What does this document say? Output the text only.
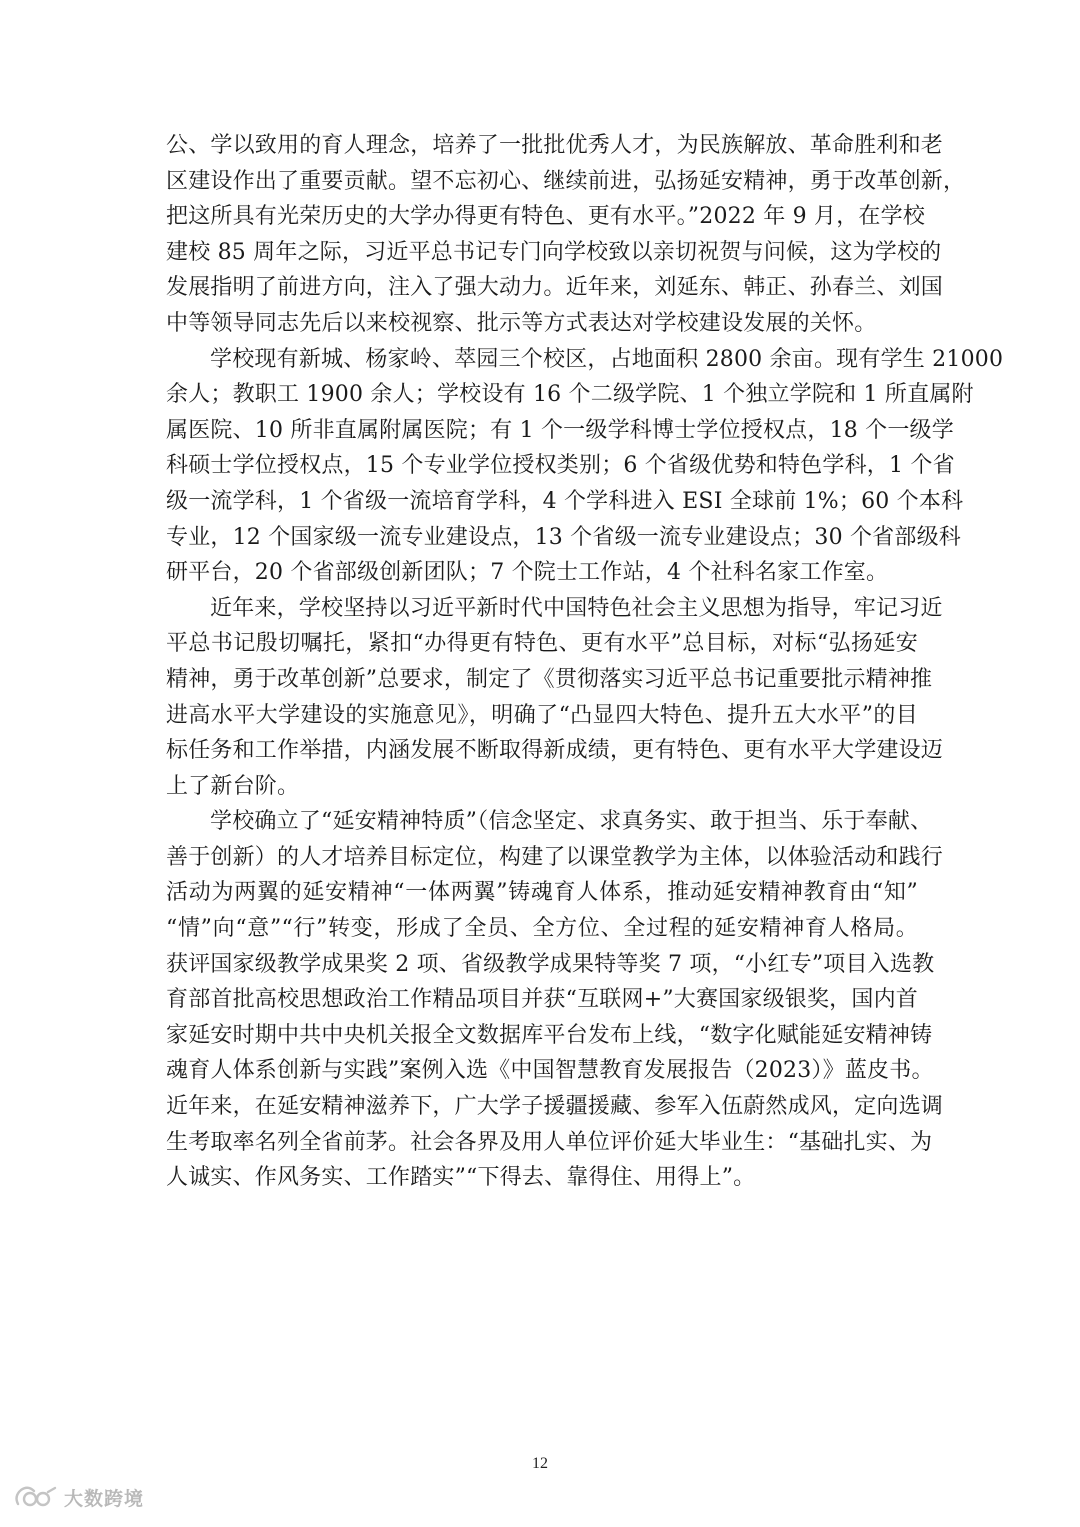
公、学以致用的育人理念，培养了一批批优秀人才，为民族解放、革命胜利和老
区建设作出了重要贡献。望不忘初心、继续前进，弘扬延安精神，勇于改革创新，
把这所具有光荣历史的大学办得更有特色、更有水平。”2022 年 9 月，在学校
建校 85 周年之际，习近平总书记专门向学校致以亲切祝贺与问候，这为学校的
发展指明了前进方向，注入了强大动力。近年来，刘延东、韩正、孙春兰、刘国
中等领导同志先后以来校视察、批示等方式表达对学校建设发展的关怀。

学校现有新城、杨家岭、萃园三个校区，占地面积 2800 余亩。现有学生 21000
余人；教职工 1900 余人；学校设有 16 个二级学院、1 个独立学院和 1 所直属附
属医院、10 所非直属附属医院；有 1 个一级学科博士学位授权点，18 个一级学
科硕士学位授权点，15 个专业学位授权类别；6 个省级优势和特色学科，1 个省
级一流学科，1 个省级一流培育学科，4 个学科进入 ESI 全球前 1%；60 个本科
专业，12 个国家级一流专业建设点，13 个省级一流专业建设点；30 个省部级科
研平台，20 个省部级创新团队；7 个院士工作站，4 个社科名家工作室。

近年来，学校坚持以习近平新时代中国特色社会主义思想为指导，牢记习近
平总书记殷切嘱托，紧扣“办得更有特色、更有水平”总目标，对标“弘扬延安
精神，勇于改革创新”总要求，制定了《贯彻落实习近平总书记重要批示精神推
进高水平大学建设的实施意见》，明确了“凸显四大特色、提升五大水平”的目
标任务和工作举措，内涵发展不断取得新成绩，更有特色、更有水平大学建设迈
上了新台阶。

学校确立了“延安精神特质”（信念坚定、求真务实、敢于担当、乐于奉献、
善于创新）的人才培养目标定位，构建了以课堂教学为主体，以体验活动和践行
活动为两翼的延安精神“一体两翼”铸魂育人体系，推动延安精神教育由“知”
“情”向“意”“行”转变，形成了全员、全方位、全过程的延安精神育人格局。
获评国家级教学成果奖 2 项、省级教学成果特等奖 7 项，“小红专”项目入选教
育部首批高校思想政治工作精品项目并获“互联网+”大赛国家级银奖，国内首
家延安时期中共中央机关报全文数据库平台发布上线，“数字化赋能延安精神铸
魂育人体系创新与实践”案例入选《中国智慧教育发展报告（2023）》蓝皮书。
近年来，在延安精神滋养下，广大学子援疆援藏、参军入伍蔚然成风，定向选调
生考取率名列全省前茅。社会各界及用人单位评价延大毕业生：“基础扎实、为
人诚实、作风务实、工作踏实”“下得去、靠得住、用得上”。

12
大数跨境
